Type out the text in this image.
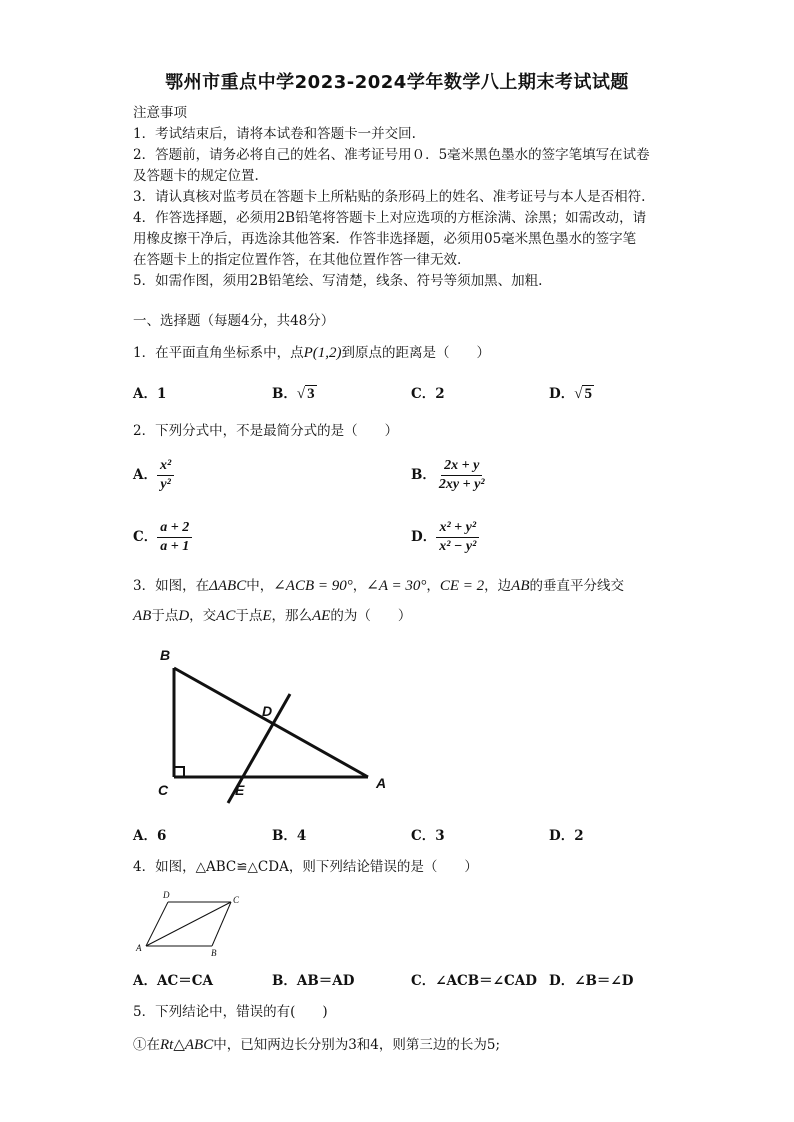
鄂州市重点中学2023-2024学年数学八上期末考试试题
注意事项
1．考试结束后，请将本试卷和答题卡一并交回.
2．答题前，请务必将自己的姓名、准考证号用０．5毫米黑色墨水的签字笔填写在试卷
及答题卡的规定位置.
3．请认真核对监考员在答题卡上所粘贴的条形码上的姓名、准考证号与本人是否相符.
4．作答选择题，必须用2B铅笔将答题卡上对应选项的方框涂满、涂黑；如需改动，请
用橡皮擦干净后，再选涂其他答案．作答非选择题，必须用05毫米黑色墨水的签字笔
在答题卡上的指定位置作答，在其他位置作答一律无效.
5．如需作图，须用2B铅笔绘、写清楚，线条、符号等须加黑、加粗.
一、选择题（每题4分，共48分）
1．在平面直角坐标系中，点P(1,2)到原点的距离是（　　）
A．1	B．√ 3	C．2	D．√ 5
2．下列分式中，不是最简分式的是（　　）
A． $\frac{\text{x²}}{\text{y²}}$	B． $\frac{2x + y}{\text{2xy + y²}}$
C． $\frac{a + 2}{a + 1}$	D． $\frac{\text{x² + y²}}{\text{x² − y²}}$
3．如图，在ΔABC中，∠ACB = 90°，∠A = 30°，CE = 2，边AB的垂直平分线交
AB于点D，交AC于点E，那么AE的为（　　）
B
C	A
D
E
A．6	B．4	C．3	D．2
4．如图，△ABC≌△CDA，则下列结论错误的是（　　）
D	C
A	B
A．AC＝CA	B．AB＝AD	C．∠ACB＝∠CAD D．∠B＝∠D
5．下列结论中，错误的有(　　)
①在Rt△ABC中，已知两边长分别为3和4，则第三边的长为5;
